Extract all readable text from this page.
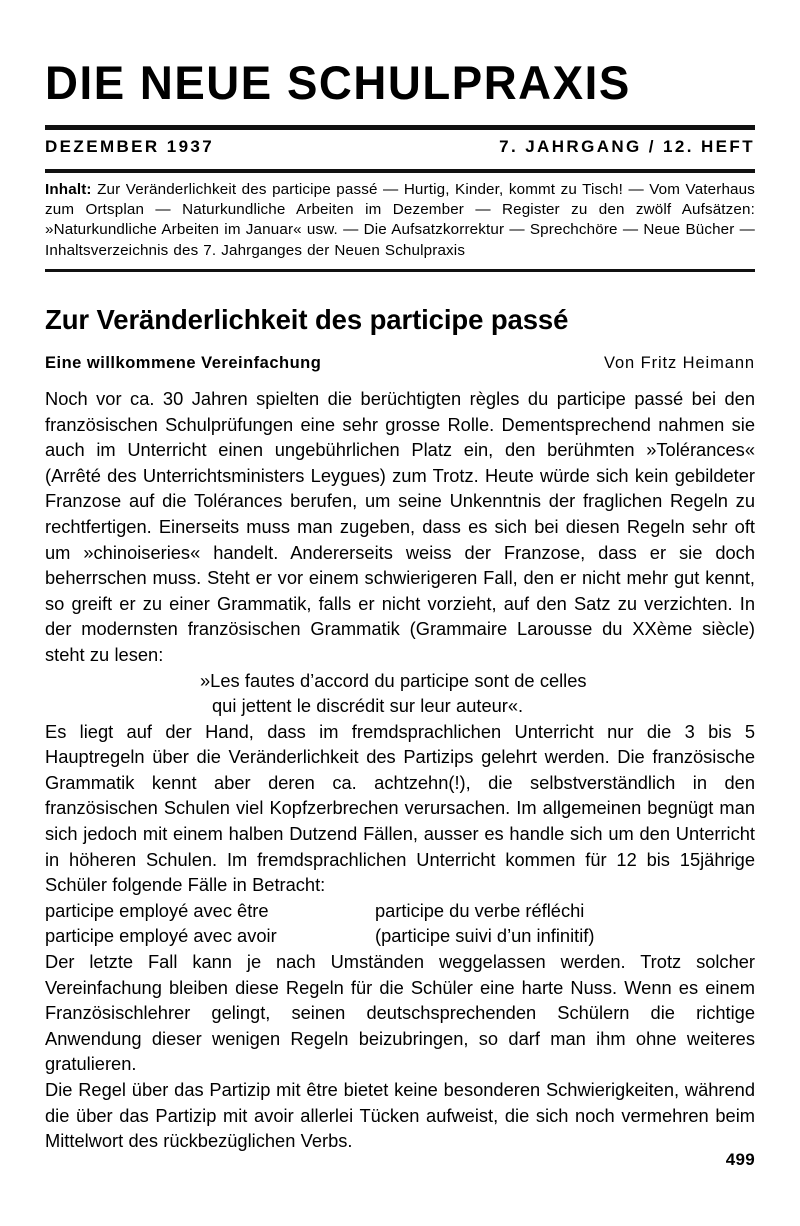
DIE NEUE SCHULPRAXIS
DEZEMBER 1937	7. JAHRGANG / 12. HEFT
Inhalt: Zur Veränderlichkeit des participe passé — Hurtig, Kinder, kommt zu Tisch! — Vom Vaterhaus zum Ortsplan — Naturkundliche Arbeiten im Dezember — Register zu den zwölf Aufsätzen: »Naturkundliche Arbeiten im Januar« usw. — Die Aufsatzkorrektur — Sprechchöre — Neue Bücher — Inhaltsverzeichnis des 7. Jahrganges der Neuen Schulpraxis
Zur Veränderlichkeit des participe passé
Eine willkommene Vereinfachung	Von Fritz Heimann

Noch vor ca. 30 Jahren spielten die berüchtigten règles du participe passé bei den französischen Schulprüfungen eine sehr grosse Rolle. Dementsprechend nahmen sie auch im Unterricht einen ungebührlichen Platz ein, den berühmten »Tolérances« (Arrêté des Unterrichtsministers Leygues) zum Trotz. Heute würde sich kein gebildeter Franzose auf die Tolérances berufen, um seine Unkenntnis der fraglichen Regeln zu rechtfertigen. Einerseits muss man zugeben, dass es sich bei diesen Regeln sehr oft um »chinoiseries« handelt. Andererseits weiss der Franzose, dass er sie doch beherrschen muss. Steht er vor einem schwierigeren Fall, den er nicht mehr gut kennt, so greift er zu einer Grammatik, falls er nicht vorzieht, auf den Satz zu verzichten. In der modernsten französischen Grammatik (Grammaire Larousse du XXème siècle) steht zu lesen:

»Les fautes d’accord du participe sont de celles
qui jettent le discrédit sur leur auteur«.

Es liegt auf der Hand, dass im fremdsprachlichen Unterricht nur die 3 bis 5 Hauptregeln über die Veränderlichkeit des Partizips gelehrt werden. Die französische Grammatik kennt aber deren ca. achtzehn(!), die selbstverständlich in den französischen Schulen viel Kopfzerbrechen verursachen. Im allgemeinen begnügt man sich jedoch mit einem halben Dutzend Fällen, ausser es handle sich um den Unterricht in höheren Schulen. Im fremdsprachlichen Unterricht kommen für 12 bis 15jährige Schüler folgende Fälle in Betracht:

participe employé avec être	participe du verbe réfléchi
participe employé avec avoir	(participe suivi d’un infinitif)

Der letzte Fall kann je nach Umständen weggelassen werden. Trotz solcher Vereinfachung bleiben diese Regeln für die Schüler eine harte Nuss. Wenn es einem Französischlehrer gelingt, seinen deutschsprechenden Schülern die richtige Anwendung dieser wenigen Regeln beizubringen, so darf man ihm ohne weiteres gratulieren.

Die Regel über das Partizip mit être bietet keine besonderen Schwierigkeiten, während die über das Partizip mit avoir allerlei Tücken aufweist, die sich noch vermehren beim Mittelwort des rückbezüglichen Verbs.

499
